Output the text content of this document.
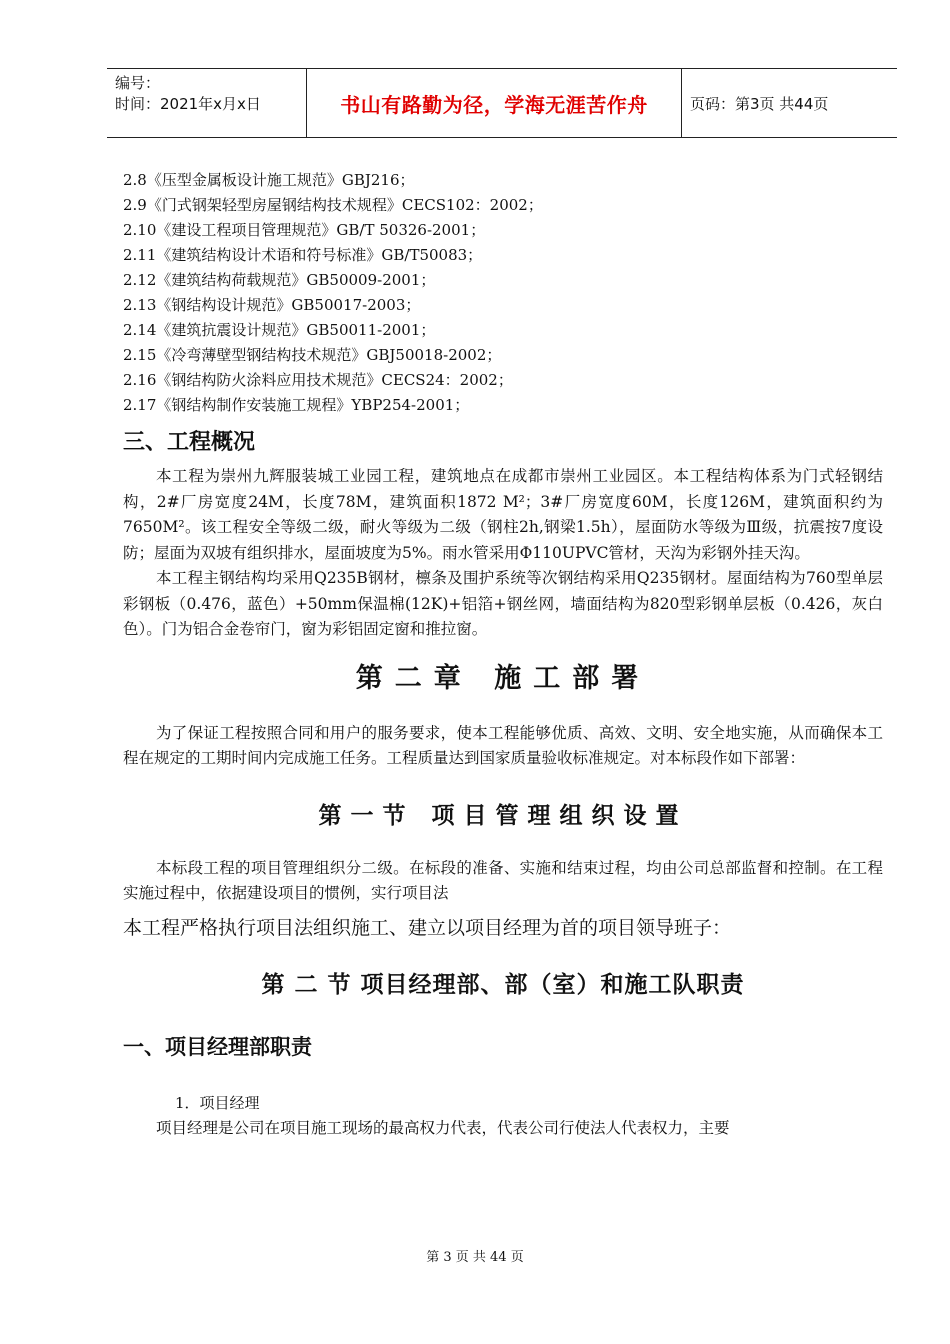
编号：
时间：2021年x月x日	书山有路勤为径，学海无涯苦作舟	页码：第3页 共44页
2.8《压型金属板设计施工规范》GBJ216；
2.9《门式钢架轻型房屋钢结构技术规程》CECS102：2002；
2.10《建设工程项目管理规范》GB/T 50326-2001；
2.11《建筑结构设计术语和符号标准》GB/T50083；
2.12《建筑结构荷载规范》GB50009-2001；
2.13《钢结构设计规范》GB50017-2003；
2.14《建筑抗震设计规范》GB50011-2001；
2.15《冷弯薄壁型钢结构技术规范》GBJ50018-2002；
2.16《钢结构防火涂料应用技术规范》CECS24：2002；
2.17《钢结构制作安装施工规程》YBP254-2001；
三、工程概况
本工程为崇州九辉服装城工业园工程，建筑地点在成都市崇州工业园区。本工程结构体系为门式轻钢结构，2#厂房宽度24M，长度78M，建筑面积1872 M²；3#厂房宽度60M，长度126M，建筑面积约为7650M²。该工程安全等级二级，耐火等级为二级（钢柱2h,钢梁1.5h），屋面防水等级为Ⅲ级，抗震按7度设防；屋面为双坡有组织排水，屋面坡度为5%。雨水管采用Φ110UPVC管材，天沟为彩钢外挂天沟。
本工程主钢结构均采用Q235B钢材，檩条及围护系统等次钢结构采用Q235钢材。屋面结构为760型单层彩钢板（0.476，蓝色）+50mm保温棉(12K)+铝箔+钢丝网，墙面结构为820型彩钢单层板（0.426，灰白色）。门为铝合金卷帘门，窗为彩铝固定窗和推拉窗。
第二章 施工部署
为了保证工程按照合同和用户的服务要求，使本工程能够优质、高效、文明、安全地实施，从而确保本工程在规定的工期时间内完成施工任务。工程质量达到国家质量验收标准规定。对本标段作如下部署：
第一节 项目管理组织设置
本标段工程的项目管理组织分二级。在标段的准备、实施和结束过程，均由公司总部监督和控制。在工程实施过程中，依据建设项目的惯例，实行项目法
本工程严格执行项目法组织施工、建立以项目经理为首的项目领导班子：
第 二 节 项目经理部、部（室）和施工队职责
一、项目经理部职责
1．项目经理
项目经理是公司在项目施工现场的最高权力代表，代表公司行使法人代表权力，主要
第 3 页 共 44 页
